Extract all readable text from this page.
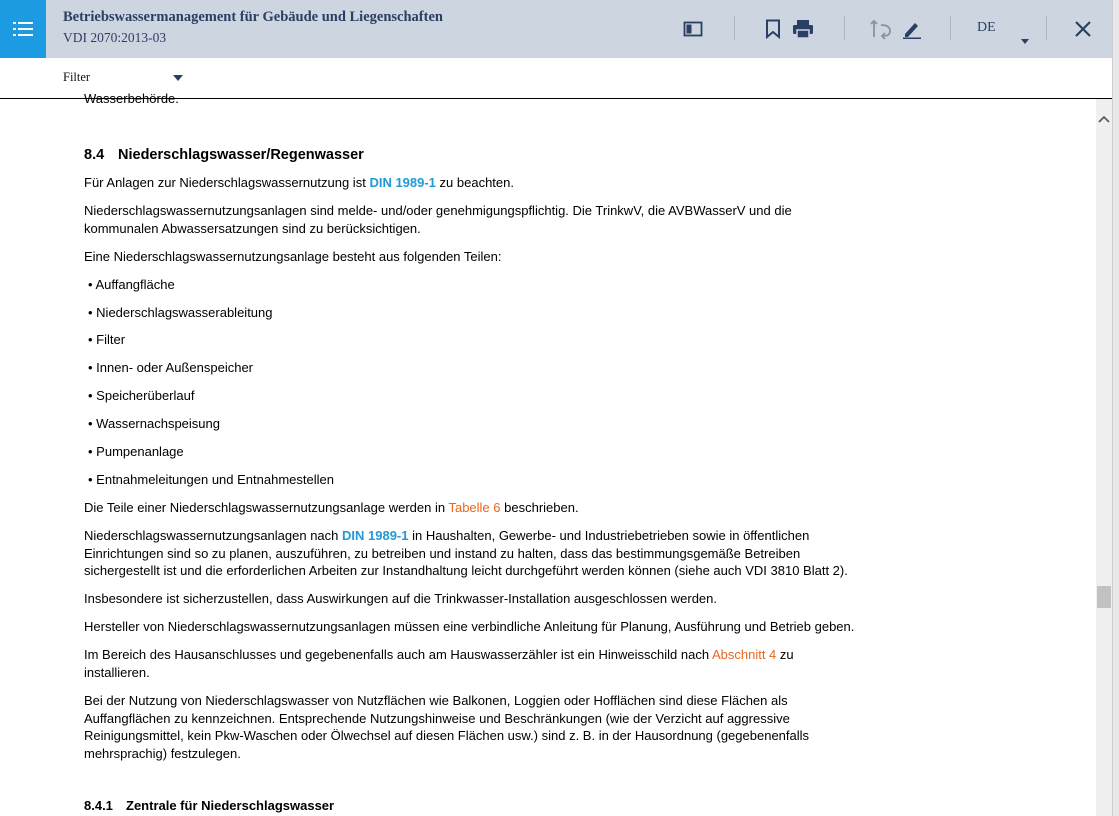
Betriebswassermanagement für Gebäude und Liegenschaften
VDI 2070:2013-03
DE
Filter
Wasserbehörde.
8.4 Niederschlagswasser/Regenwasser
Für Anlagen zur Niederschlagswassernutzung ist DIN 1989-1 zu beachten.
Niederschlagswassernutzungsanlagen sind melde- und/oder genehmigungspflichtig. Die TrinkwV, die AVBWasserV und die kommunalen Abwassersatzungen sind zu berücksichtigen.
Eine Niederschlagswassernutzungsanlage besteht aus folgenden Teilen:
• Auffangfläche
• Niederschlagswasserableitung
• Filter
• Innen- oder Außenspeicher
• Speicherüberlauf
• Wassernachspeisung
• Pumpenanlage
• Entnahmeleitungen und Entnahmestellen
Die Teile einer Niederschlagswassernutzungsanlage werden in Tabelle 6 beschrieben.
Niederschlagswassernutzungsanlagen nach DIN 1989-1 in Haushalten, Gewerbe- und Industriebetrieben sowie in öffentlichen
Einrichtungen sind so zu planen, auszuführen, zu betreiben und instand zu halten, dass das bestimmungsgemäße Betreiben
sichergestellt ist und die erforderlichen Arbeiten zur Instandhaltung leicht durchgeführt werden können (siehe auch VDI 3810 Blatt 2).
Insbesondere ist sicherzustellen, dass Auswirkungen auf die Trinkwasser-Installation ausgeschlossen werden.
Hersteller von Niederschlagswassernutzungsanlagen müssen eine verbindliche Anleitung für Planung, Ausführung und Betrieb geben.
Im Bereich des Hausanschlusses und gegebenenfalls auch am Hauswasserzähler ist ein Hinweisschild nach Abschnitt 4 zu
installieren.
Bei der Nutzung von Niederschlagswasser von Nutzflächen wie Balkonen, Loggien oder Hofflächen sind diese Flächen als
Auffangflächen zu kennzeichnen. Entsprechende Nutzungshinweise und Beschränkungen (wie der Verzicht auf aggressive
Reinigungsmittel, kein Pkw-Waschen oder Ölwechsel auf diesen Flächen usw.) sind z. B. in der Hausordnung (gegebenenfalls
mehrsprachig) festzulegen.
8.4.1 Zentrale für Niederschlagswasser
